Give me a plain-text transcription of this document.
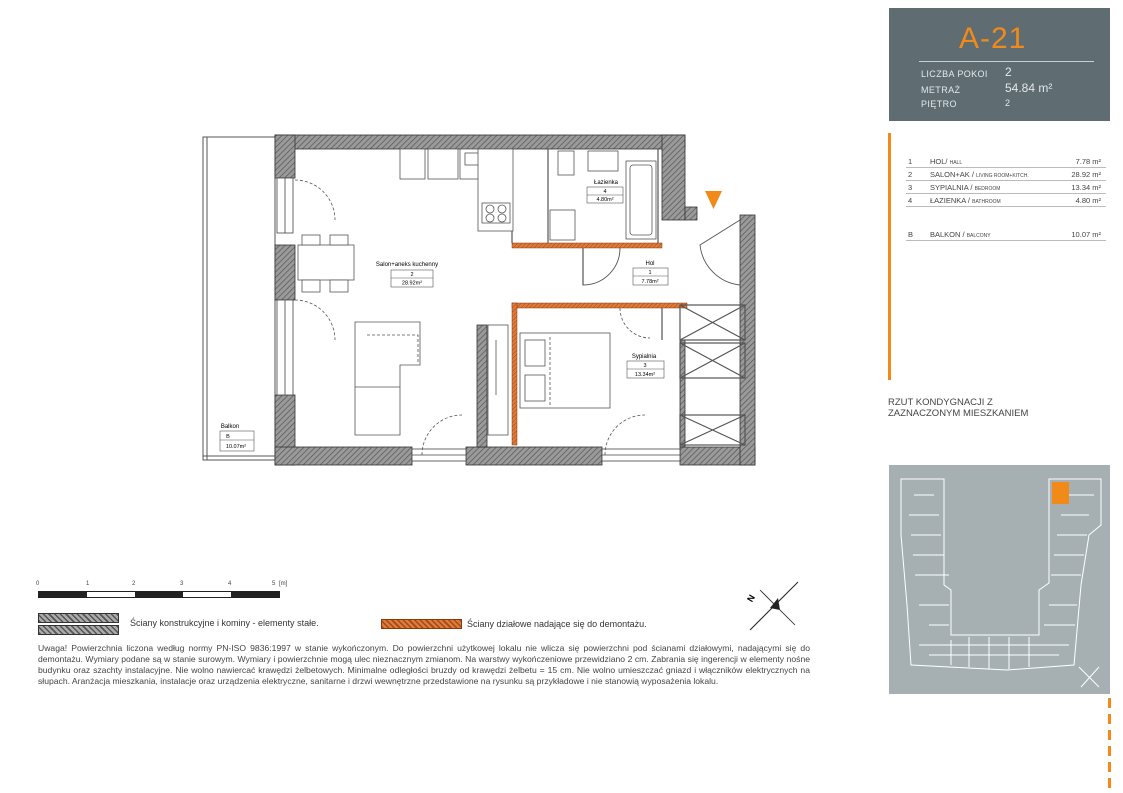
Salon+aneks kuchenny
2
28.92m²
Łazienka
4
4.80m²
Hol
1
7.78m²
Sypialnia
3
13.34m²
Balkon
B
10.07m²
A-21
LICZBA POKOI 2
METRAŻ	54.84 m²
PIĘTRO	2
1 HOL/ HALL	7.78 m²
2 SALON+AK / LIVING ROOM+KITCH.	28.92 m²
3 SYPIALNIA / BEDROOM	13.34 m²
4 ŁAZIENKA / BATHROOM	4.80 m²
B BALKON / BALCONY	10.07 m²
RZUT KONDYGNACJI Z
ZAZNACZONYM MIESZKANIEM
0	1	2	3	4	5 [m]
N
Ściany konstrukcyjne i kominy - elementy stałe.	Ściany działowe nadające się do demontażu.
Uwaga! Powierzchnia liczona według normy PN-ISO 9836:1997 w stanie wykończonym. Do powierzchni użytkowej lokalu nie wlicza się powierzchni pod ścianami działowymi, nadającymi się do demontażu. Wymiary podane są w stanie surowym. Wymiary i powierzchnie mogą ulec nieznacznym zmianom. Na warstwy wykończeniowe przewidziano 2 cm. Zabrania się ingerencji w elementy nośne budynku oraz szachty instalacyjne. Nie wolno nawiercać krawędzi żelbetowych. Minimalne odległości bruzdy od krawędzi żelbetu = 15 cm. Nie wolno umieszczać gniazd i włączników elektrycznych na słupach. Aranżacja mieszkania, instalacje oraz urządzenia elektryczne, sanitarne i drzwi wewnętrzne przedstawione na rysunku są przykładowe i nie stanowią wyposażenia lokalu.
